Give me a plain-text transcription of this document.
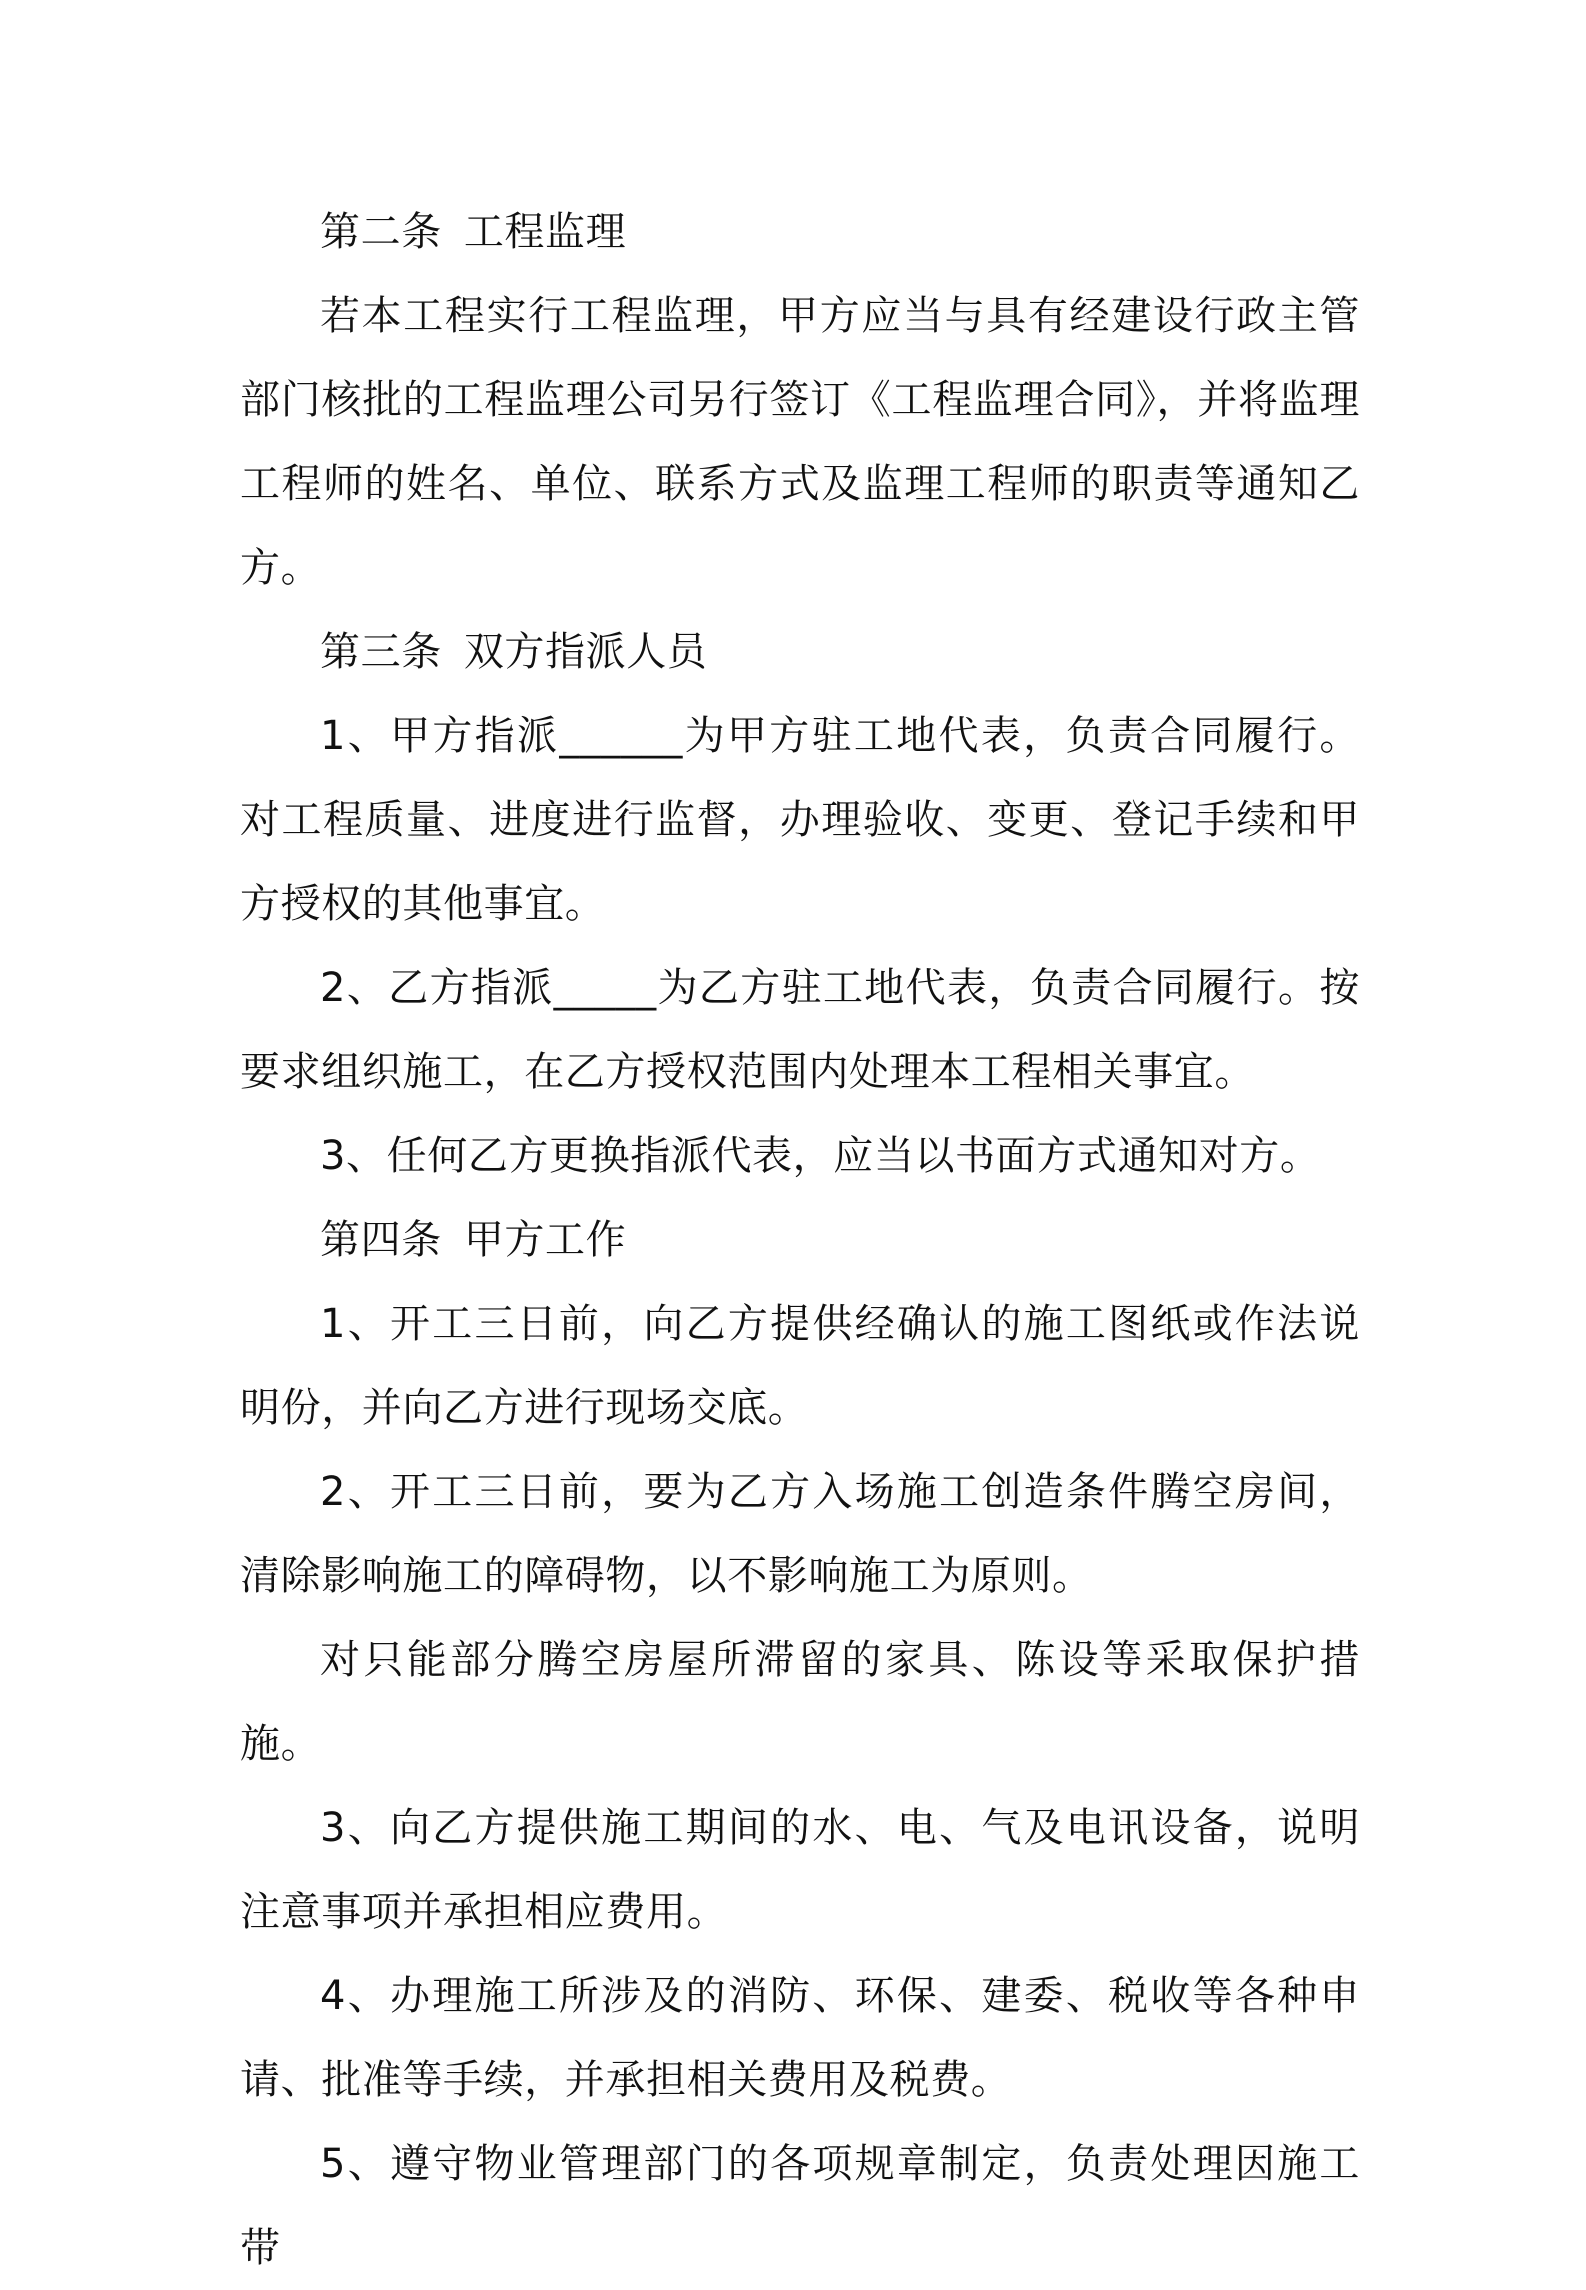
第二条 工程监理

若本工程实行工程监理，甲方应当与具有经建设行政主管部门核批的工程监理公司另行签订《工程监理合同》，并将监理工程师的姓名、单位、联系方式及监理工程师的职责等通知乙方。

第三条 双方指派人员

1、甲方指派______为甲方驻工地代表，负责合同履行。对工程质量、进度进行监督，办理验收、变更、登记手续和甲方授权的其他事宜。

2、乙方指派_____为乙方驻工地代表，负责合同履行。按要求组织施工，在乙方授权范围内处理本工程相关事宜。

3、任何乙方更换指派代表，应当以书面方式通知对方。

第四条 甲方工作

1、开工三日前，向乙方提供经确认的施工图纸或作法说明份，并向乙方进行现场交底。

2、开工三日前，要为乙方入场施工创造条件腾空房间，清除影响施工的障碍物，以不影响施工为原则。

对只能部分腾空房屋所滞留的家具、陈设等采取保护措施。

3、向乙方提供施工期间的水、电、气及电讯设备，说明注意事项并承担相应费用。

4、办理施工所涉及的消防、环保、建委、税收等各种申请、批准等手续，并承担相关费用及税费。

5、遵守物业管理部门的各项规章制定，负责处理因施工带
